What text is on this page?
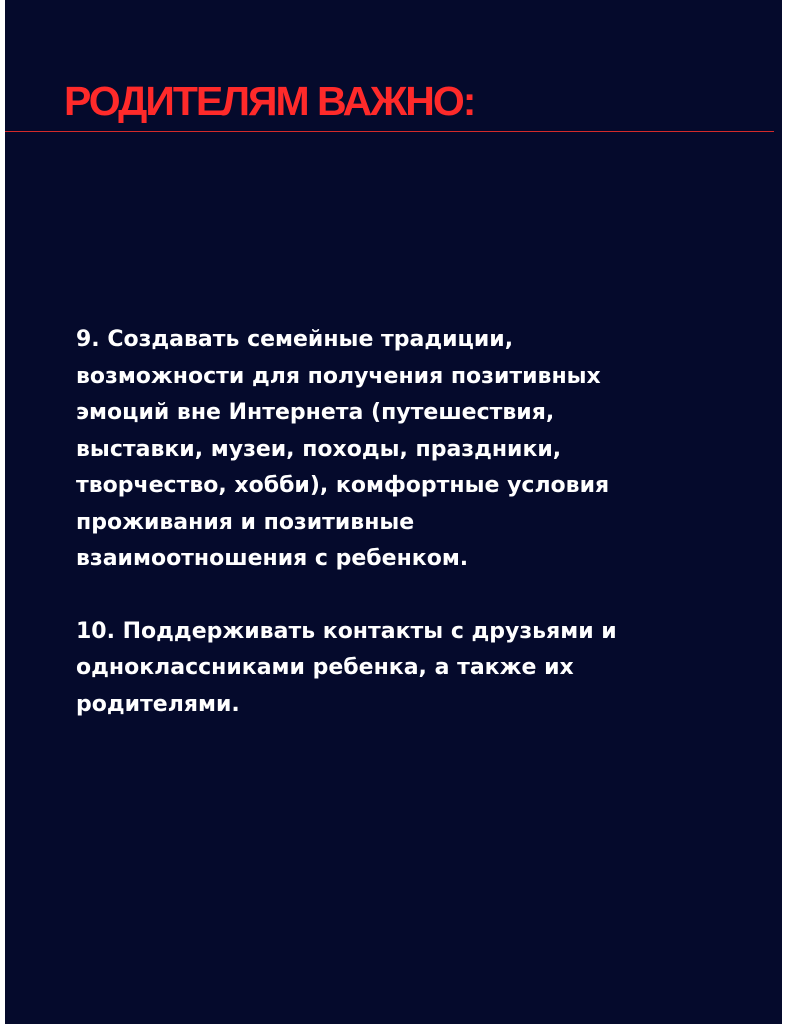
РОДИТЕЛЯМ ВАЖНО:

9. Создавать семейные традиции,
возможности для получения позитивных
эмоций вне Интернета (путешествия,
выставки, музеи, походы, праздники,
творчество, хобби), комфортные условия
проживания и позитивные
взаимоотношения с ребенком.

10. Поддерживать контакты с друзьями и
одноклассниками ребенка, а также их
родителями.
